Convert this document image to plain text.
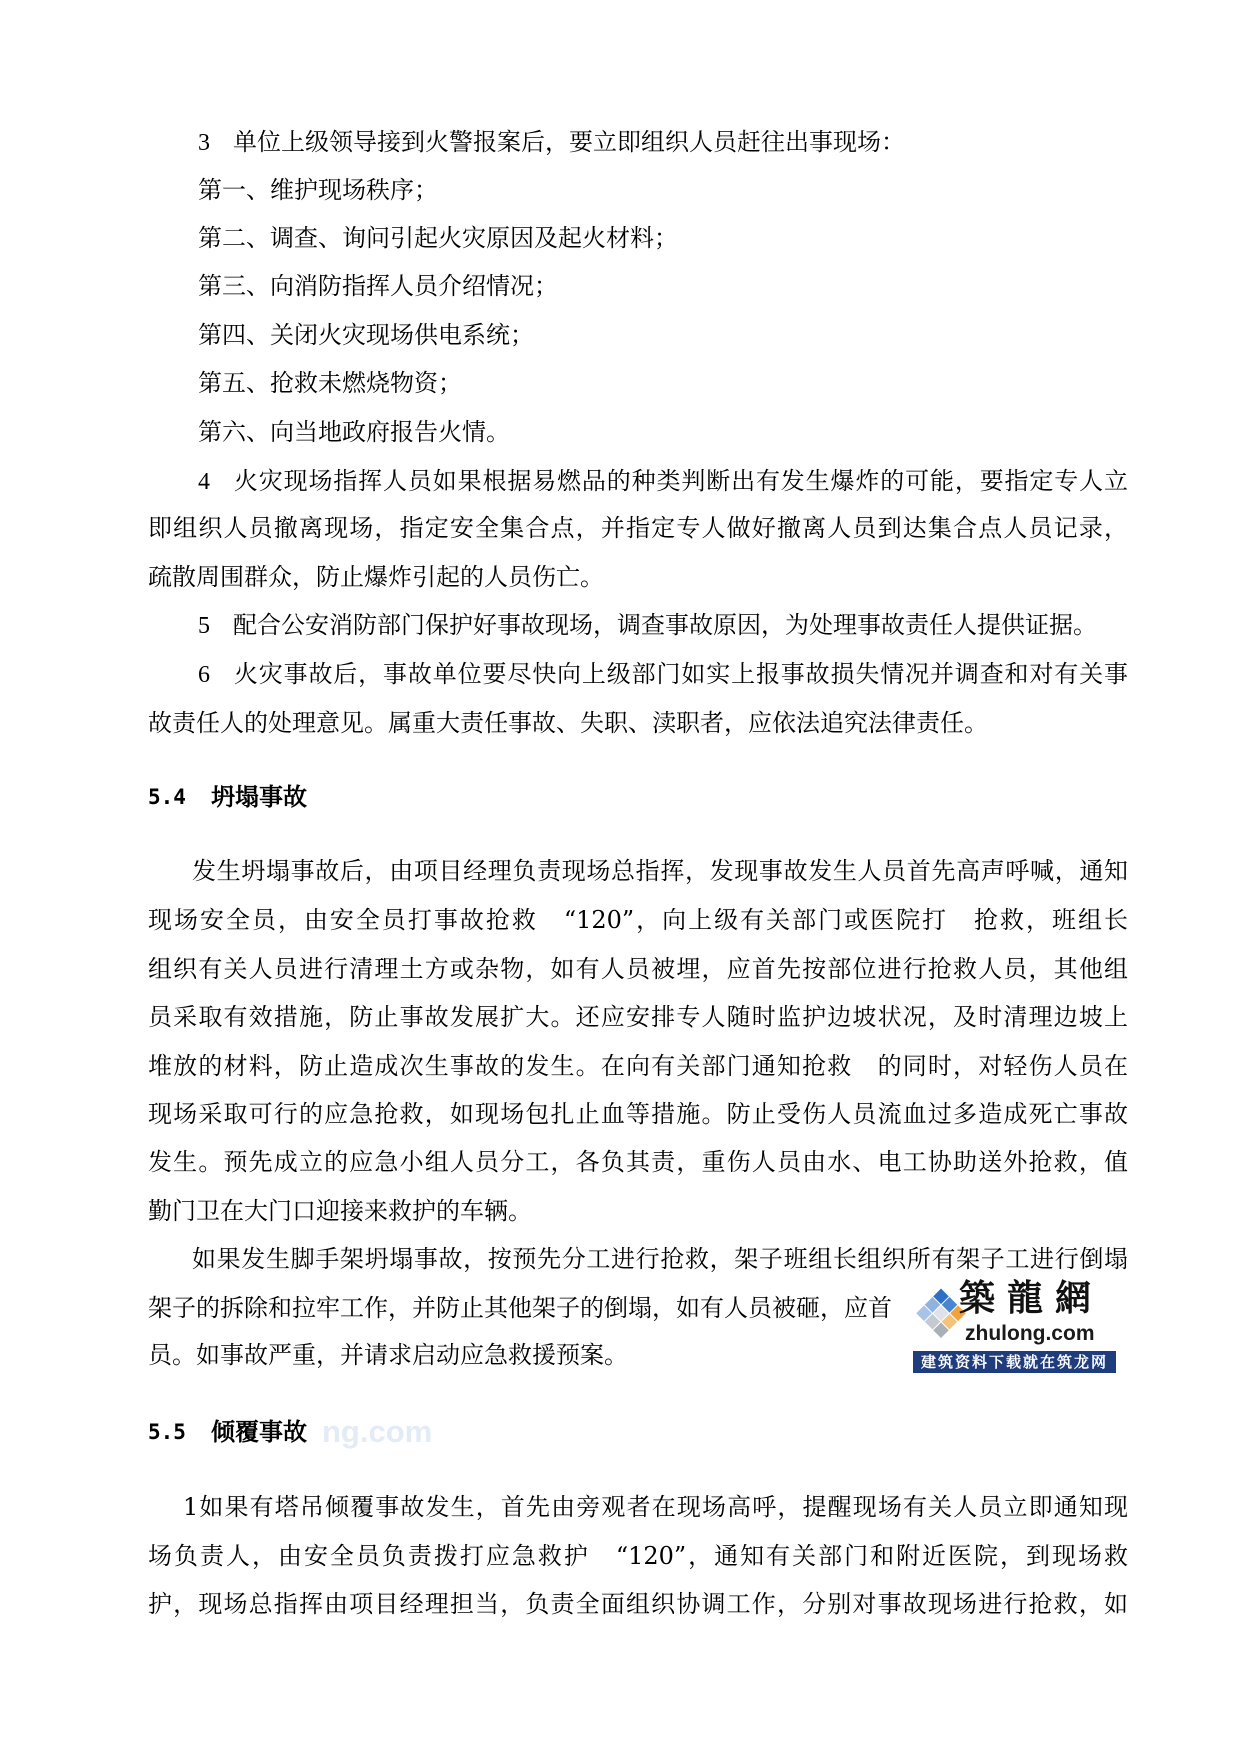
3 单位上级领导接到火警报案后，要立即组织人员赶往出事现场：
第一、维护现场秩序；
第二、调查、询问引起火灾原因及起火材料；
第三、向消防指挥人员介绍情况；
第四、关闭火灾现场供电系统；
第五、抢救未燃烧物资；
第六、向当地政府报告火情。
4 火灾现场指挥人员如果根据易燃品的种类判断出有发生爆炸的可能，要指定专人立
即组织人员撤离现场，指定安全集合点，并指定专人做好撤离人员到达集合点人员记录，
疏散周围群众，防止爆炸引起的人员伤亡。
5 配合公安消防部门保护好事故现场，调查事故原因，为处理事故责任人提供证据。
6 火灾事故后，事故单位要尽快向上级部门如实上报事故损失情况并调查和对有关事
故责任人的处理意见。属重大责任事故、失职、渎职者，应依法追究法律责任。
5.4 坍塌事故
发生坍塌事故后，由项目经理负责现场总指挥，发现事故发生人员首先高声呼喊，通知
现场安全员，由安全员打事故抢救　“120”，向上级有关部门或医院打　抢救，班组长
组织有关人员进行清理土方或杂物，如有人员被埋，应首先按部位进行抢救人员，其他组
员采取有效措施，防止事故发展扩大。还应安排专人随时监护边坡状况，及时清理边坡上
堆放的材料，防止造成次生事故的发生。在向有关部门通知抢救　的同时，对轻伤人员在
现场采取可行的应急抢救，如现场包扎止血等措施。防止受伤人员流血过多造成死亡事故
发生。预先成立的应急小组人员分工，各负其责，重伤人员由水、电工协助送外抢救，值
勤门卫在大门口迎接来救护的车辆。
如果发生脚手架坍塌事故，按预先分工进行抢救，架子班组长组织所有架子工进行倒塌
架子的拆除和拉牢工作，并防止其他架子的倒塌，如有人员被砸，应首
员。如事故严重，并请求启动应急救援预案。
ng.com
5.5 倾覆事故
1如果有塔吊倾覆事故发生，首先由旁观者在现场高呼，提醒现场有关人员立即通知现
场负责人，由安全员负责拨打应急救护　“120”，通知有关部门和附近医院，到现场救
护，现场总指挥由项目经理担当，负责全面组织协调工作，分别对事故现场进行抢救，如
築龍網
zhulong.com
建筑资料下载就在筑龙网
